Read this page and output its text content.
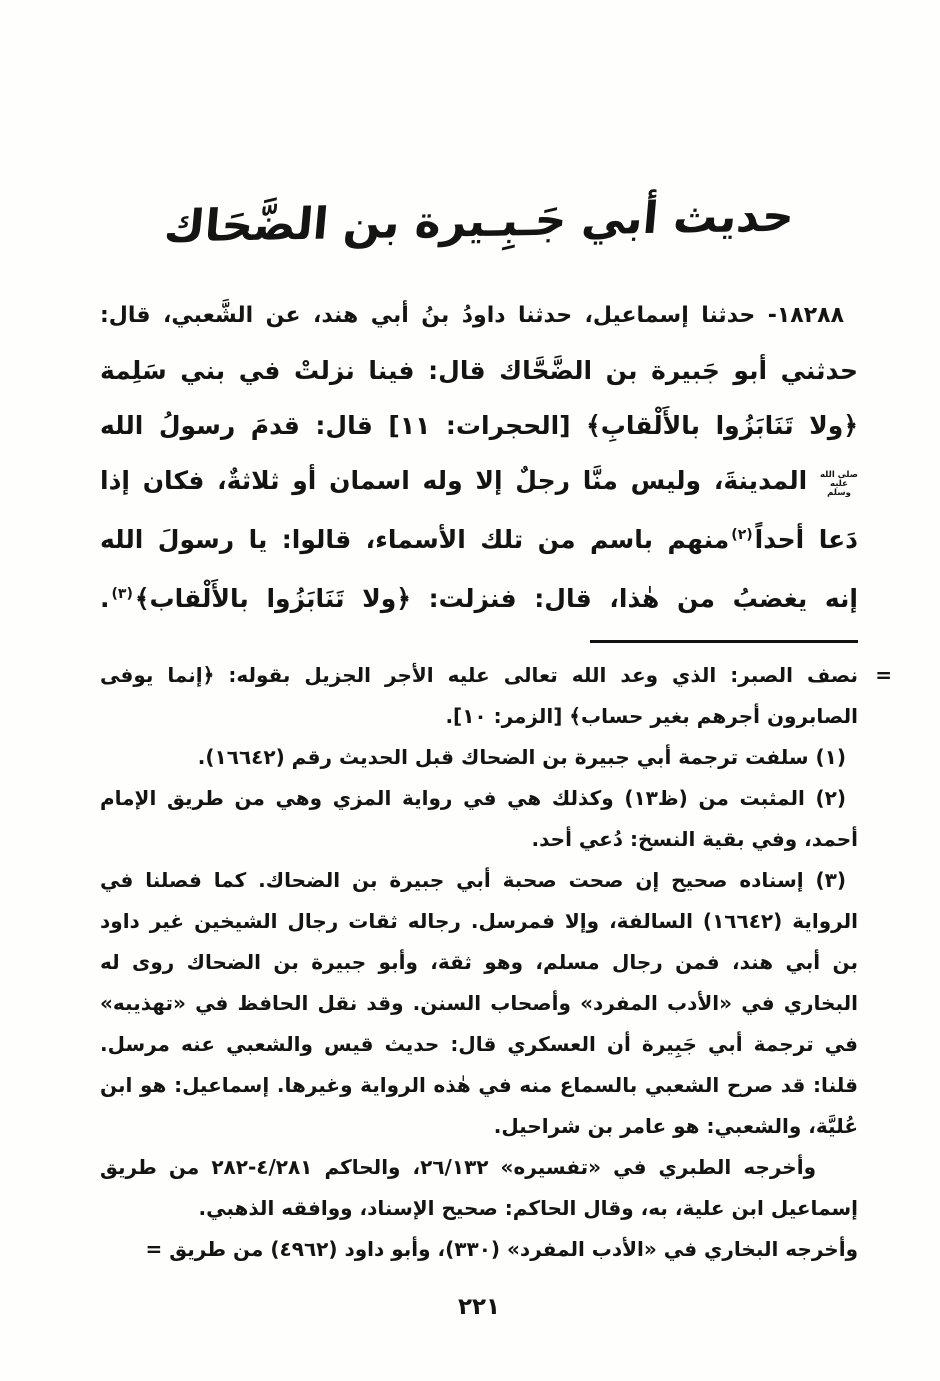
حديث أبي جَـبِـيرة بن الضَّحَاك
١٨٢٨٨- حدثنا إسماعيل، حدثنا داودُ بنُ أبي هند، عن الشَّعبي، قال:
حدثني أبو جَبيرة بن الضَّحَّاك قال: فينا نزلتْ في بني سَلِمة
﴿ولا تَنَابَزُوا بالأَلْقابِ﴾ [الحجرات: ١١] قال: قدمَ رسولُ الله
صلى الله عليه وسلم المدينةَ، وليس منَّا رجلٌ إلا وله اسمان أو ثلاثةٌ، فكان إذا
دَعا أحداً$^{(٢)}$منهم باسم من تلك الأسماء، قالوا: يا رسولَ الله
إنه يغضبُ من هٰذا، قال: فنزلت: ﴿ولا تَنَابَزُوا بالأَلْقاب﴾$^{(٣)}$.
=
نصف الصبر: الذي وعد الله تعالى عليه الأجر الجزيل بقوله: ﴿إنما يوفى الصابرون أجرهم بغير حساب﴾ [الزمر: ١٠].
(١) سلفت ترجمة أبي جبيرة بن الضحاك قبل الحديث رقم (١٦٦٤٢).
(٢) المثبت من (ظ١٣) وكذلك هي في رواية المزي وهي من طريق الإمام أحمد، وفي بقية النسخ: دُعي أحد.
(٣) إسناده صحيح إن صحت صحبة أبي جبيرة بن الضحاك. كما فصلنا في الرواية (١٦٦٤٢) السالفة، وإلا فمرسل. رجاله ثقات رجال الشيخين غير داود بن أبي هند، فمن رجال مسلم، وهو ثقة، وأبو جبيرة بن الضحاك روى له البخاري في «الأدب المفرد» وأصحاب السنن. وقد نقل الحافظ في «تهذيبه» في ترجمة أبي جَبِيرة أن العسكري قال: حديث قيس والشعبي عنه مرسل. قلنا: قد صرح الشعبي بالسماع منه في هٰذه الرواية وغيرها. إسماعيل: هو ابن عُليَّة، والشعبي: هو عامر بن شراحيل.
وأخرجه الطبري في «تفسيره» ٢٦/١٣٢، والحاكم ٤/٢٨١-٢٨٢ من طريق إسماعيل ابن علية، به، وقال الحاكم: صحيح الإسناد، ووافقه الذهبي.
وأخرجه البخاري في «الأدب المفرد» (٣٣٠)، وأبو داود (٤٩٦٢) من طريق =
٢٢١
